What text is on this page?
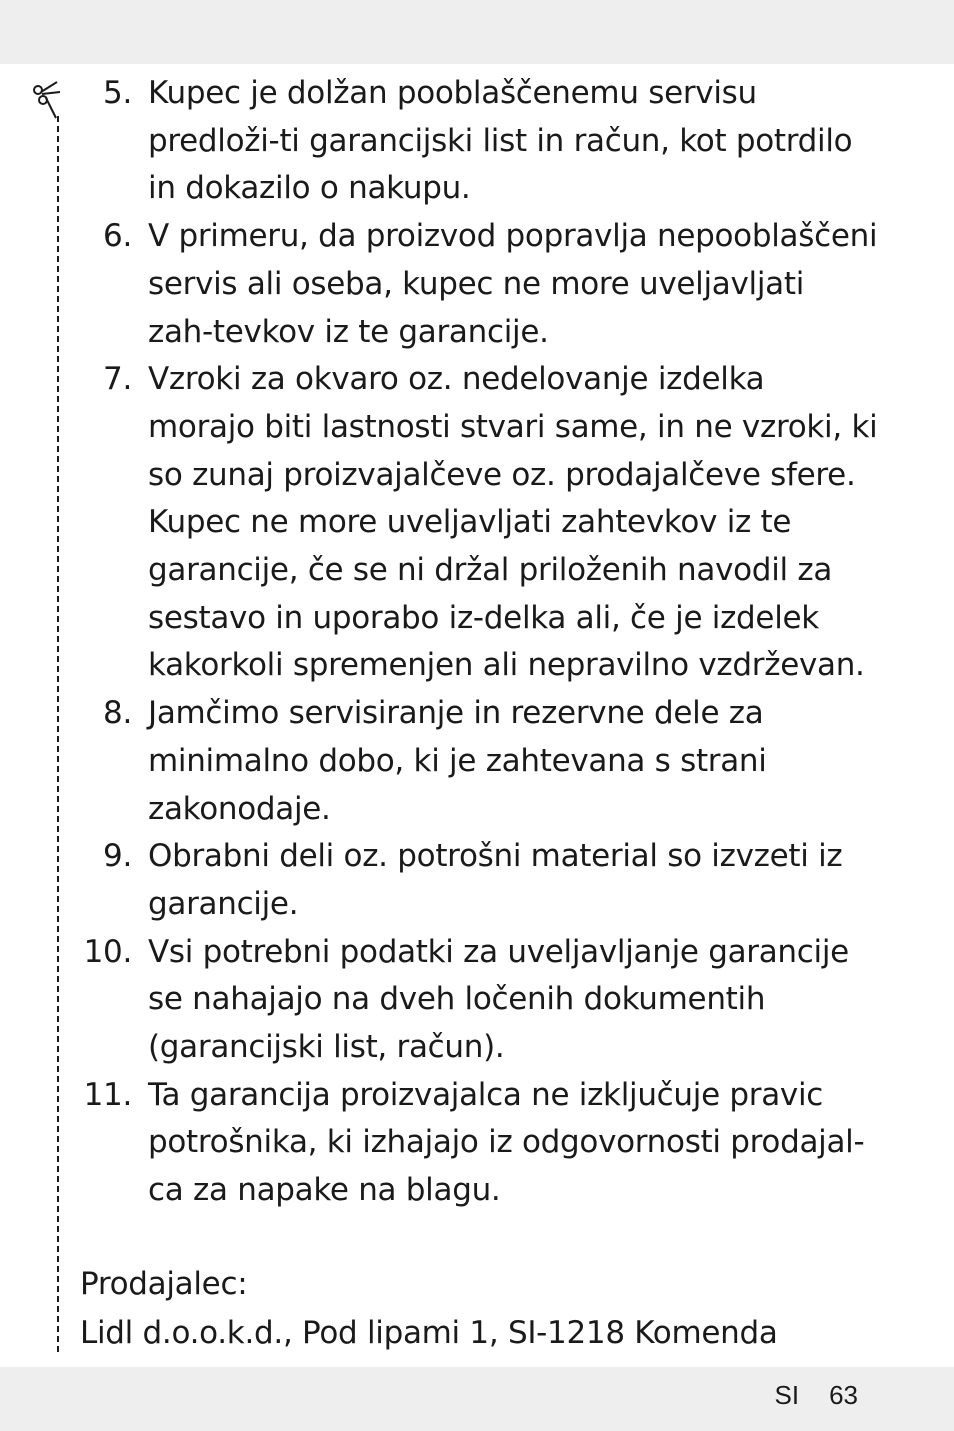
5. Kupec je dolžan pooblaščenemu servisu predloži-ti garancijski list in račun, kot potrdilo in dokazilo o nakupu.
6. V primeru, da proizvod popravlja nepooblaščeni servis ali oseba, kupec ne more uveljavljati zah-tevkov iz te garancije.
7. Vzroki za okvaro oz. nedelovanje izdelka morajo biti lastnosti stvari same, in ne vzroki, ki so zunaj proizvajalčeve oz. prodajalčeve sfere. Kupec ne more uveljavljati zahtevkov iz te garancije, če se ni držal priloženih navodil za sestavo in uporabo iz-delka ali, če je izdelek kakorkoli spremenjen ali nepravilno vzdrževan.
8. Jamčimo servisiranje in rezervne dele za minimalno dobo, ki je zahtevana s strani zakonodaje.
9. Obrabni deli oz. potrošni material so izvzeti iz garancije.
10. Vsi potrebni podatki za uveljavljanje garancije se nahajajo na dveh ločenih dokumentih (garancijski list, račun).
11. Ta garancija proizvajalca ne izključuje pravic potrošnika, ki izhajajo iz odgovornosti prodajal-ca za napake na blagu.
Prodajalec:
Lidl d.o.o.k.d., Pod lipami 1, SI-1218 Komenda
SI 63
